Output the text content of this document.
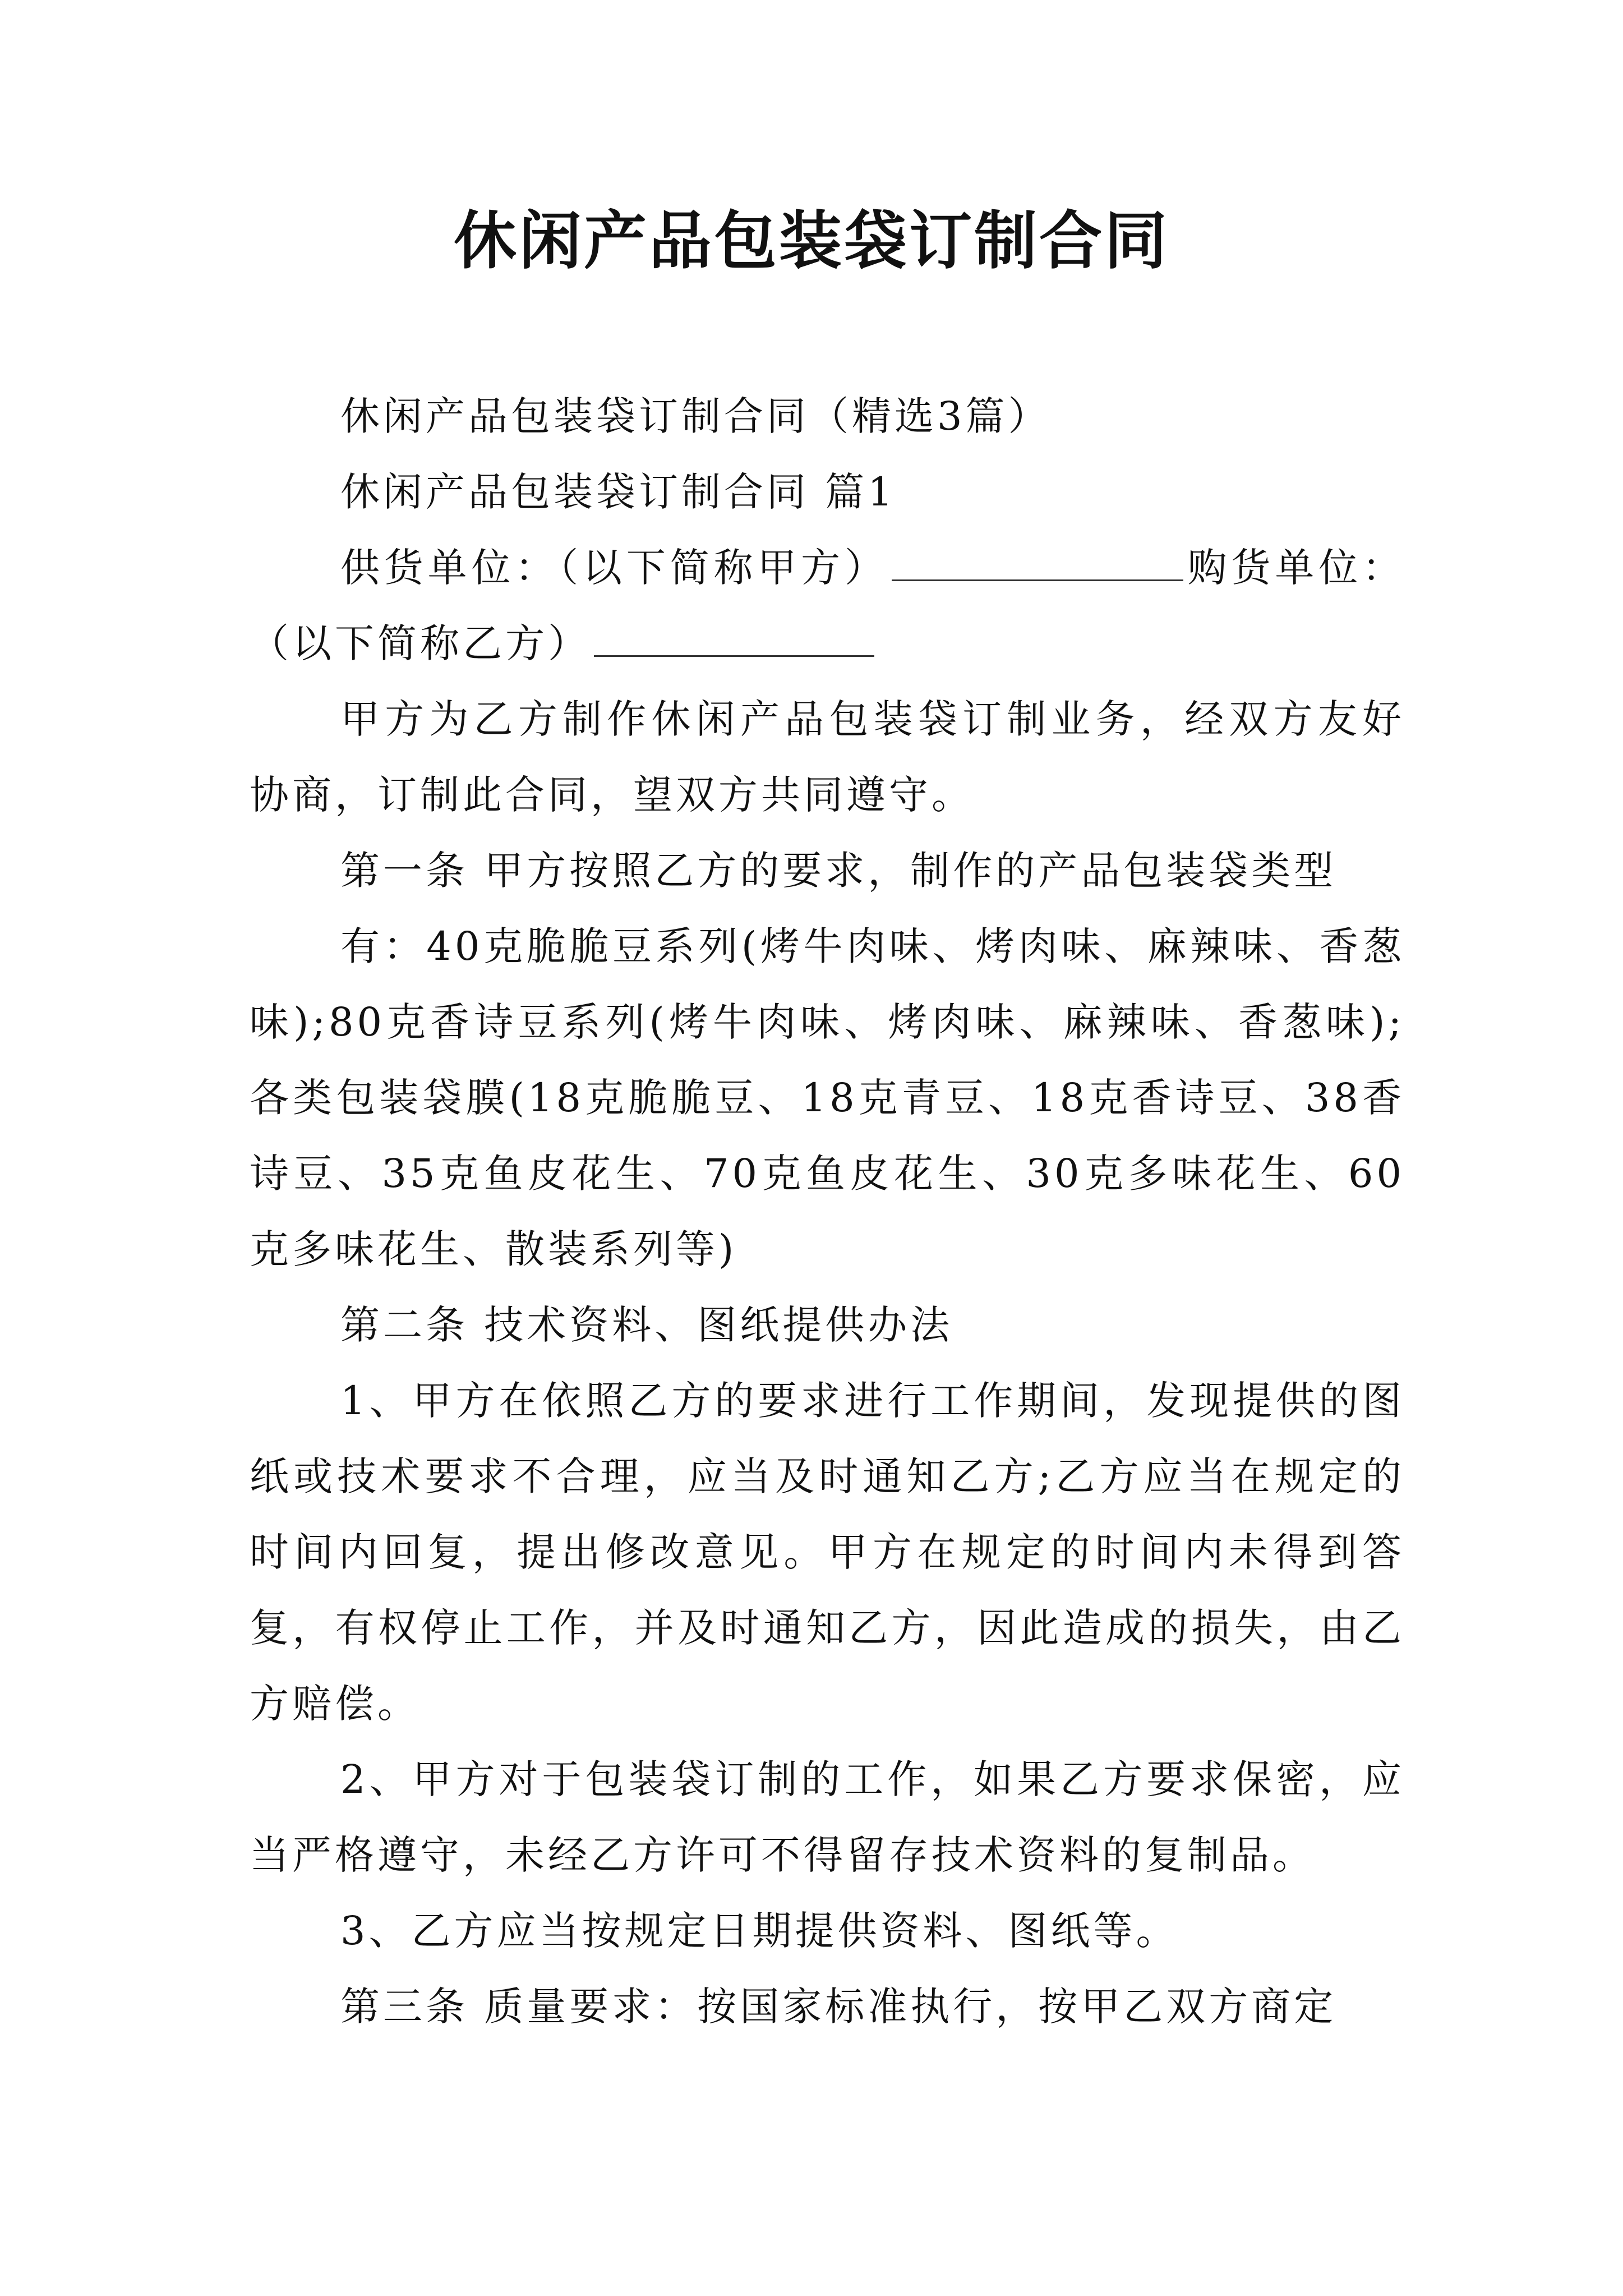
休闲产品包装袋订制合同

休闲产品包装袋订制合同（精选3篇）

休闲产品包装袋订制合同 篇1

供货单位：（以下简称甲方）	购货单位：（以下简称乙方）

甲方为乙方制作休闲产品包装袋订制业务，经双方友好协商，订制此合同，望双方共同遵守。

第一条 甲方按照乙方的要求，制作的产品包装袋类型

有：40克脆脆豆系列(烤牛肉味、烤肉味、麻辣味、香葱味);80克香诗豆系列(烤牛肉味、烤肉味、麻辣味、香葱味);各类包装袋膜(18克脆脆豆、18克青豆、18克香诗豆、38香诗豆、35克鱼皮花生、70克鱼皮花生、30克多味花生、60克多味花生、散装系列等)

第二条 技术资料、图纸提供办法

1、甲方在依照乙方的要求进行工作期间，发现提供的图纸或技术要求不合理，应当及时通知乙方;乙方应当在规定的时间内回复，提出修改意见。甲方在规定的时间内未得到答复，有权停止工作，并及时通知乙方，因此造成的损失，由乙方赔偿。

2、甲方对于包装袋订制的工作，如果乙方要求保密，应当严格遵守，未经乙方许可不得留存技术资料的复制品。

3、乙方应当按规定日期提供资料、图纸等。

第三条 质量要求：按国家标准执行，按甲乙双方商定
